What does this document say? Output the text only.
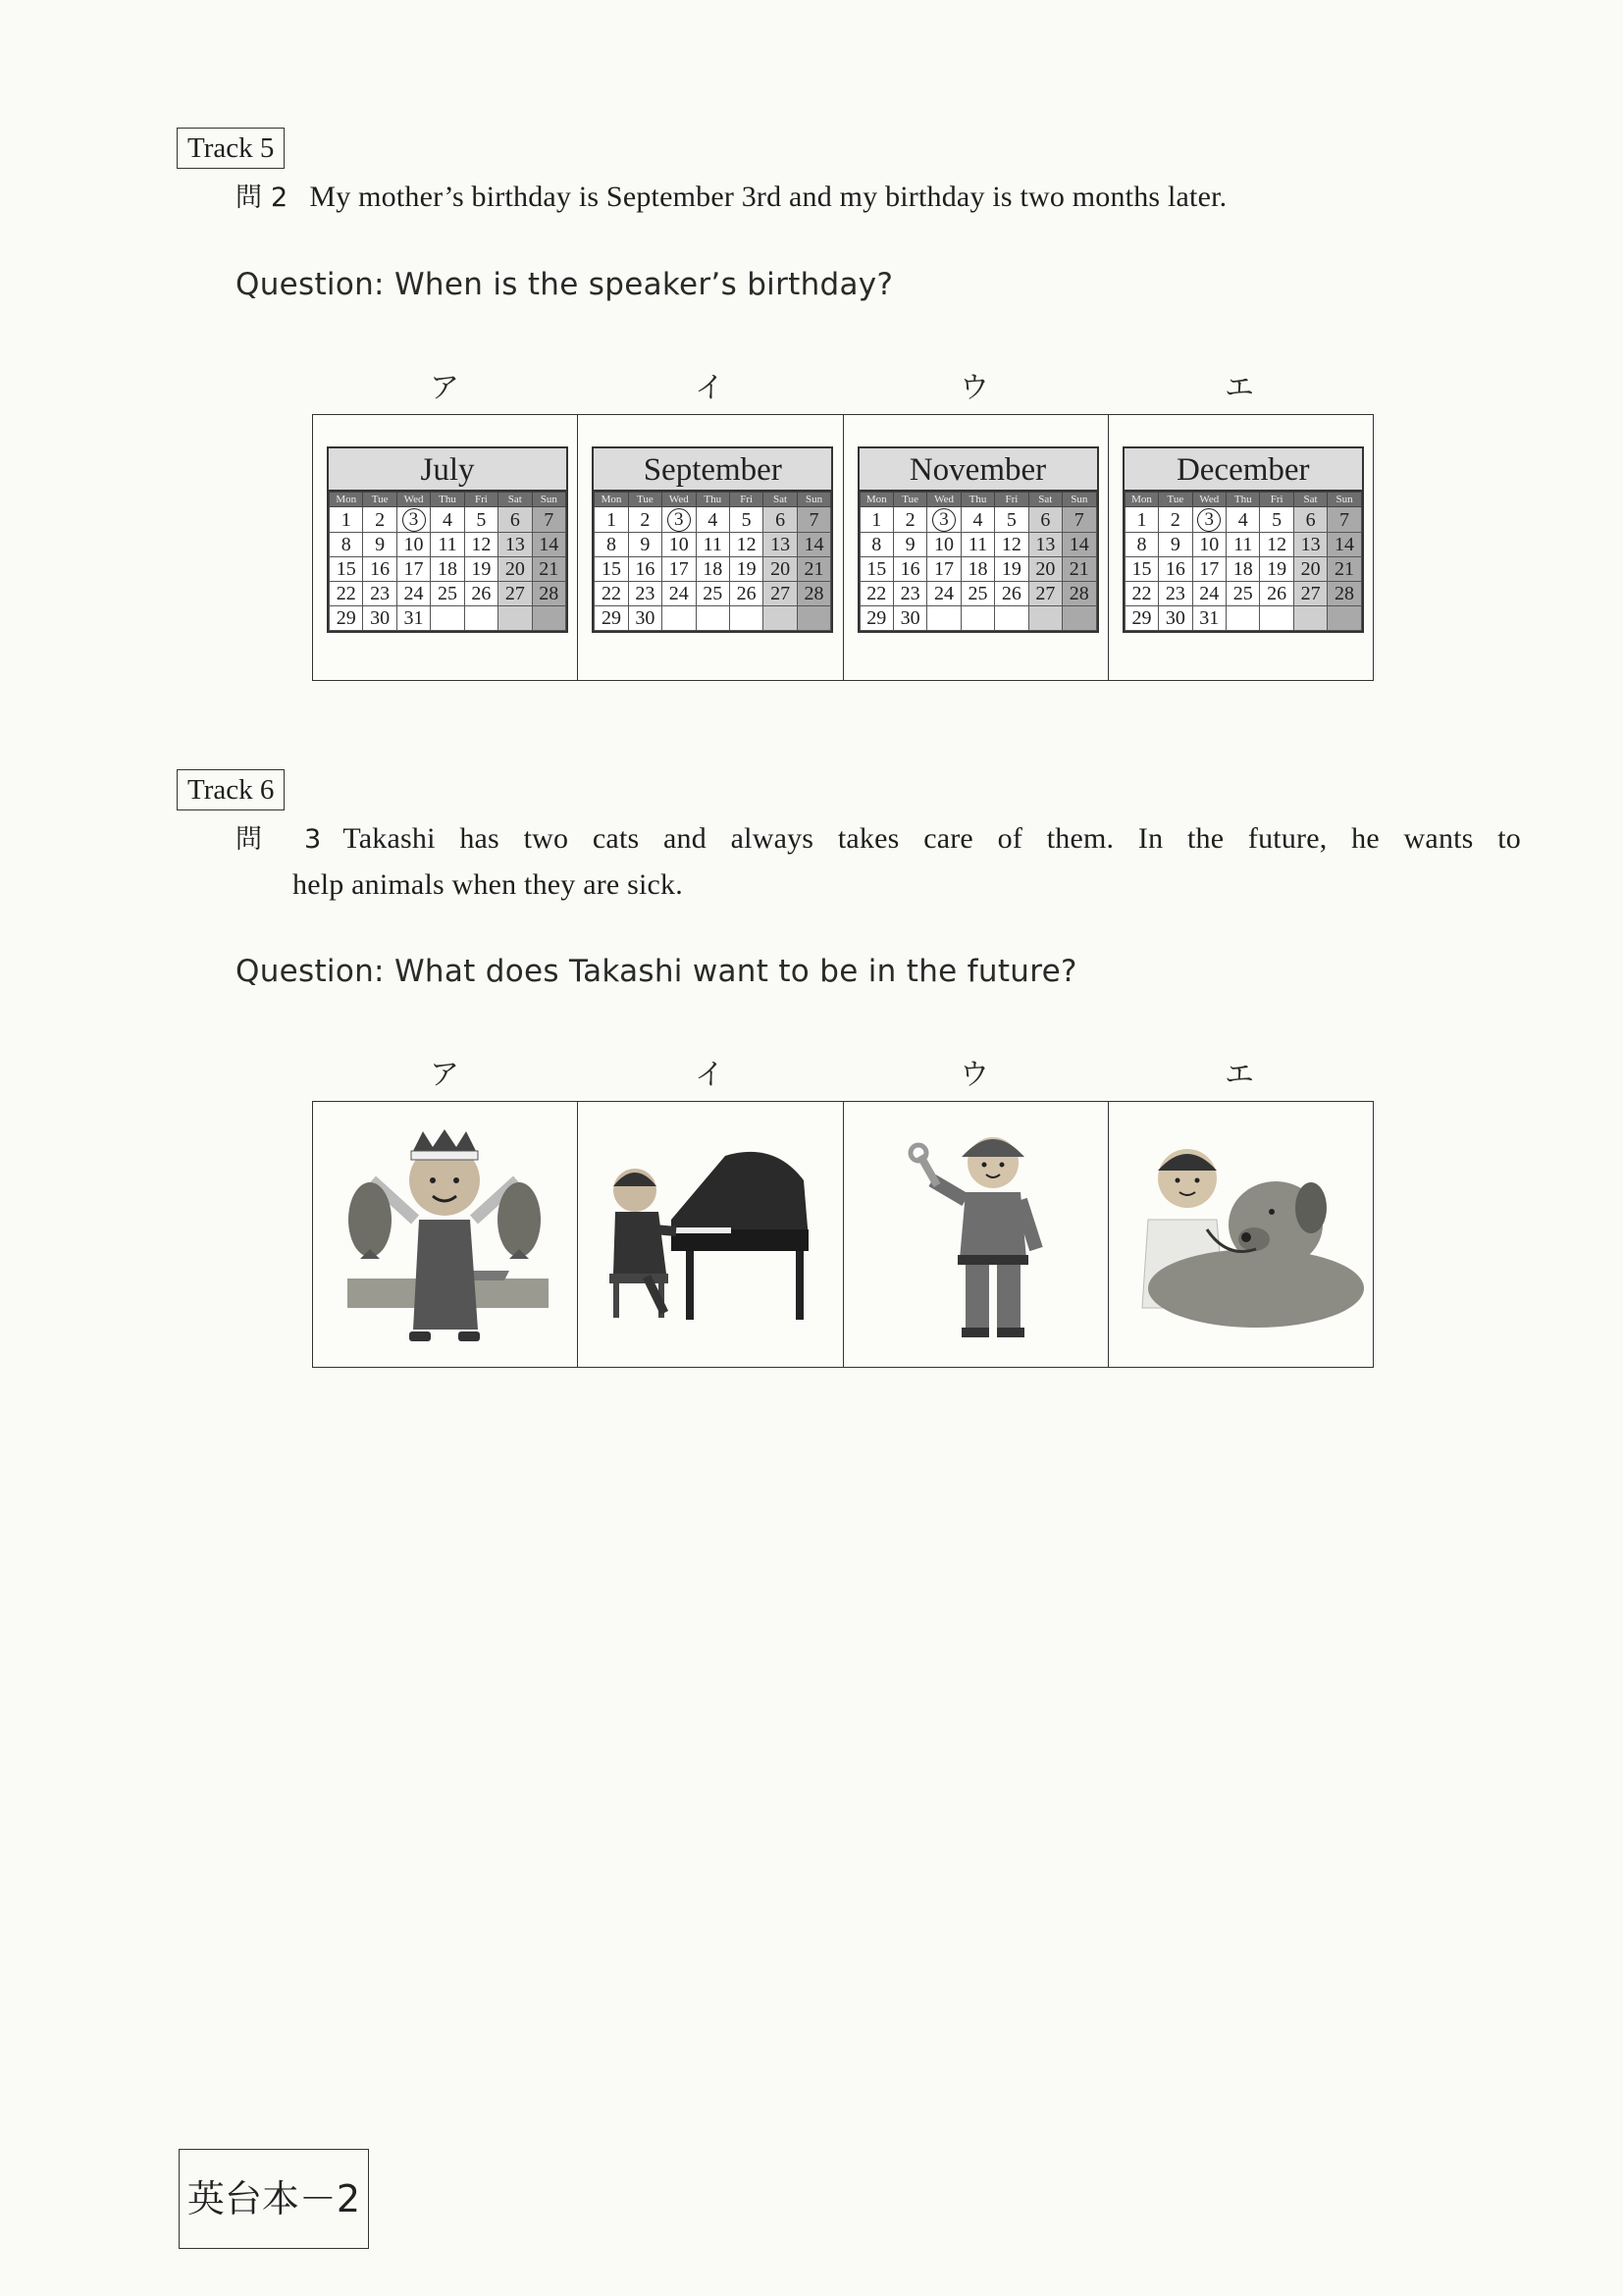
Track 5
問 2 My mother’s birthday is September 3rd and my birthday is two months later.
Question: When is the speaker’s birthday?
ア	イ	ウ	エ
July
Mon	Tue	Wed	Thu	Fri	Sat	Sun
1	2	3	4	5	6	7
8	9	10	11	12	13	14
15	16	17	18	19	20	21
22	23	24	25	26	27	28
29	30	31				
September
Mon	Tue	Wed	Thu	Fri	Sat	Sun
1	2	3	4	5	6	7
8	9	10	11	12	13	14
15	16	17	18	19	20	21
22	23	24	25	26	27	28
29	30					
November
Mon	Tue	Wed	Thu	Fri	Sat	Sun
1	2	3	4	5	6	7
8	9	10	11	12	13	14
15	16	17	18	19	20	21
22	23	24	25	26	27	28
29	30					
December
Mon	Tue	Wed	Thu	Fri	Sat	Sun
1	2	3	4	5	6	7
8	9	10	11	12	13	14
15	16	17	18	19	20	21
22	23	24	25	26	27	28
29	30	31				
Track 6
問 3 Takashi has two cats and always takes care of them. In the future, he wants to
help animals when they are sick.
Question: What does Takashi want to be in the future?
ア	イ	ウ	エ
英台本－2
